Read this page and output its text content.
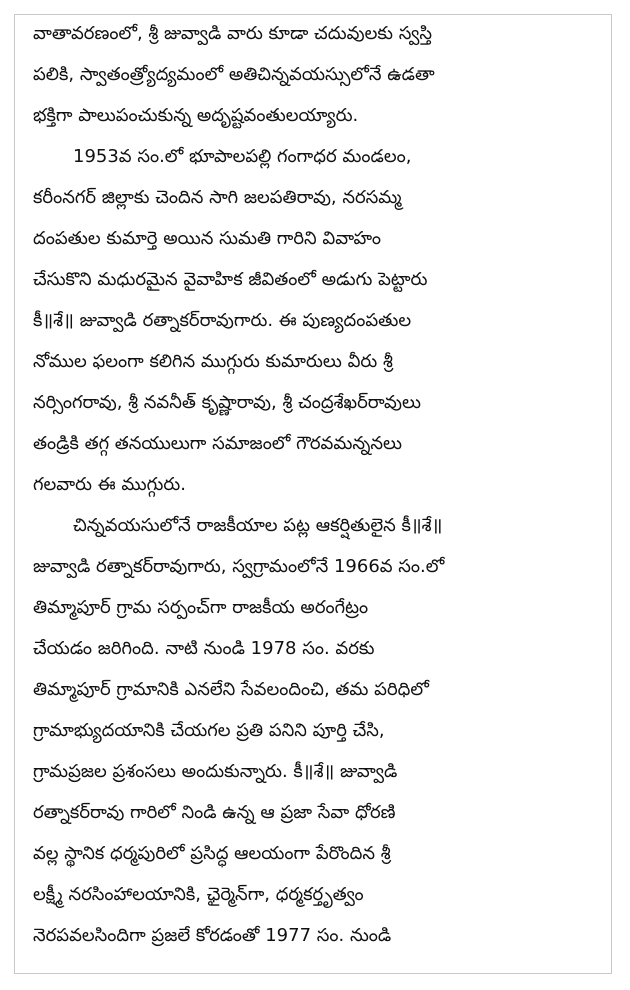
వాతావరణంలో, శ్రీ జువ్వాడి వారు కూడా చదువులకు స్వస్తి
పలికి, స్వాతంత్ర్యోద్యమంలో అతిచిన్నవయస్సులోనే ఉడతా
భక్తిగా పాలుపంచుకున్న అదృష్టవంతులయ్యారు.
1953వ సం.లో భూపాలపల్లి గంగాధర మండలం,
కరీంనగర్ జిల్లాకు చెందిన సాగి జలపతిరావు, నరసమ్మ
దంపతుల కుమార్తె అయిన సుమతి గారిని వివాహం
చేసుకొని మధురమైన వైవాహిక జీవితంలో అడుగు పెట్టారు
కీ॥శే॥ జువ్వాడి రత్నాకర్‌రావుగారు. ఈ పుణ్యదంపతుల
నోముల ఫలంగా కలిగిన ముగ్గురు కుమారులు వీరు శ్రీ
నర్సింగరావు, శ్రీ నవనీత్ కృష్ణారావు, శ్రీ చంద్రశేఖర్‌రావులు
తండ్రికి తగ్గ తనయులుగా సమాజంలో గౌరవమన్ననలు
గలవారు ఈ ముగ్గురు.
చిన్నవయసులోనే రాజకీయాల పట్ల ఆకర్షితులైన కీ॥శే॥
జువ్వాడి రత్నాకర్‌రావుగారు, స్వగ్రామంలోనే 1966వ సం.లో
తిమ్మాపూర్ గ్రామ సర్పంచ్‌గా రాజకీయ అరంగేట్రం
చేయడం జరిగింది. నాటి నుండి 1978 సం. వరకు
తిమ్మాపూర్ గ్రామానికి ఎనలేని సేవలందించి, తమ పరిధిలో
గ్రామాభ్యుదయానికి చేయగల ప్రతి పనిని పూర్తి చేసి,
గ్రామప్రజల ప్రశంసలు అందుకున్నారు. కీ॥శే॥ జువ్వాడి
రత్నాకర్‌రావు గారిలో నిండి ఉన్న ఆ ప్రజా సేవా ధోరణి
వల్ల స్థానిక ధర్మపురిలో ప్రసిద్ధ ఆలయంగా పేరొందిన శ్రీ
లక్ష్మీ నరసింహాలయానికి, ఛైర్మెన్‌గా, ధర్మకర్తృత్వం
నెరపవలసిందిగా ప్రజలే కోరడంతో 1977 సం. నుండి
